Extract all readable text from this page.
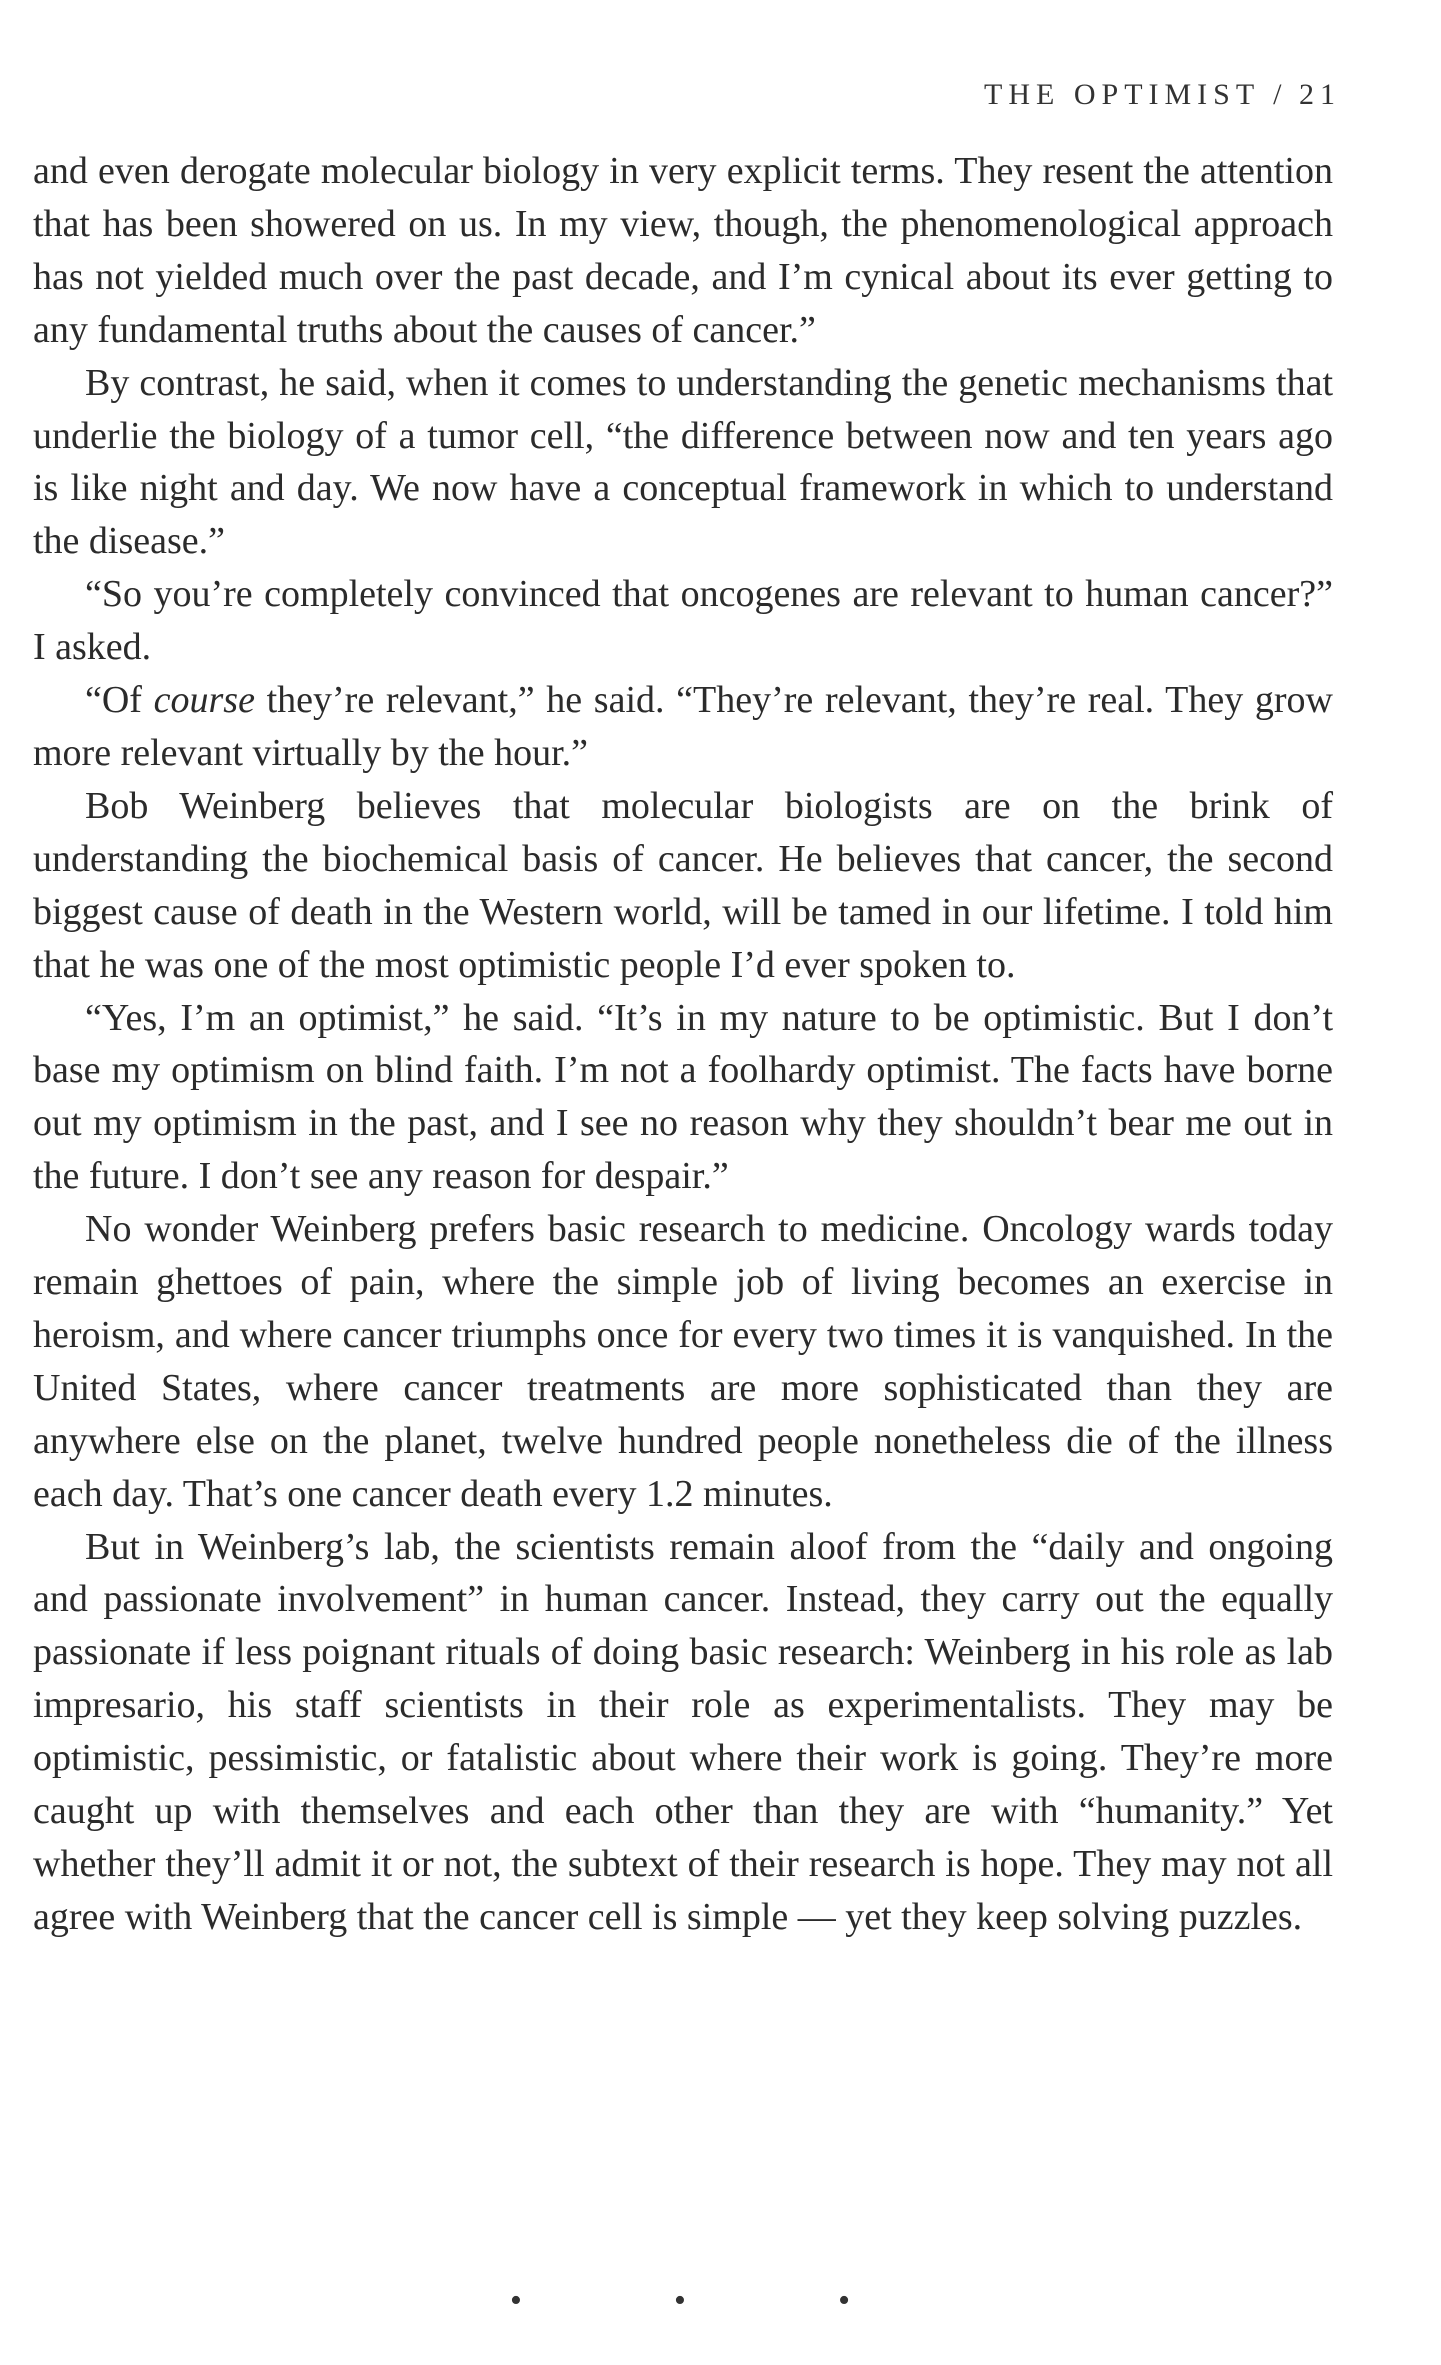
THE OPTIMIST / 21

and even derogate molecular biology in very explicit terms. They resent the attention that has been showered on us. In my view, though, the phenomenological approach has not yielded much over the past decade, and I’m cynical about its ever getting to any fundamental truths about the causes of cancer.”

By contrast, he said, when it comes to understanding the genetic mechanisms that underlie the biology of a tumor cell, “the difference between now and ten years ago is like night and day. We now have a conceptual framework in which to understand the disease.”

“So you’re completely convinced that oncogenes are relevant to human cancer?” I asked.

“Of course they’re relevant,” he said. “They’re relevant, they’re real. They grow more relevant virtually by the hour.”

Bob Weinberg believes that molecular biologists are on the brink of understanding the biochemical basis of cancer. He believes that cancer, the second biggest cause of death in the Western world, will be tamed in our lifetime. I told him that he was one of the most optimistic people I’d ever spoken to.

“Yes, I’m an optimist,” he said. “It’s in my nature to be optimistic. But I don’t base my optimism on blind faith. I’m not a foolhardy optimist. The facts have borne out my optimism in the past, and I see no reason why they shouldn’t bear me out in the future. I don’t see any reason for despair.”

No wonder Weinberg prefers basic research to medicine. Oncology wards today remain ghettoes of pain, where the simple job of living becomes an exercise in heroism, and where cancer triumphs once for every two times it is vanquished. In the United States, where cancer treatments are more sophisticated than they are anywhere else on the planet, twelve hundred people nonetheless die of the illness each day. That’s one cancer death every 1.2 minutes.

But in Weinberg’s lab, the scientists remain aloof from the “daily and ongoing and passionate involvement” in human cancer. Instead, they carry out the equally passionate if less poignant rituals of doing basic research: Weinberg in his role as lab impresario, his staff scientists in their role as experimentalists. They may be optimistic, pessimistic, or fatalistic about where their work is going. They’re more caught up with themselves and each other than they are with “humanity.” Yet whether they’ll admit it or not, the subtext of their research is hope. They may not all agree with Weinberg that the cancer cell is simple — yet they keep solving puzzles.

•	•	•
